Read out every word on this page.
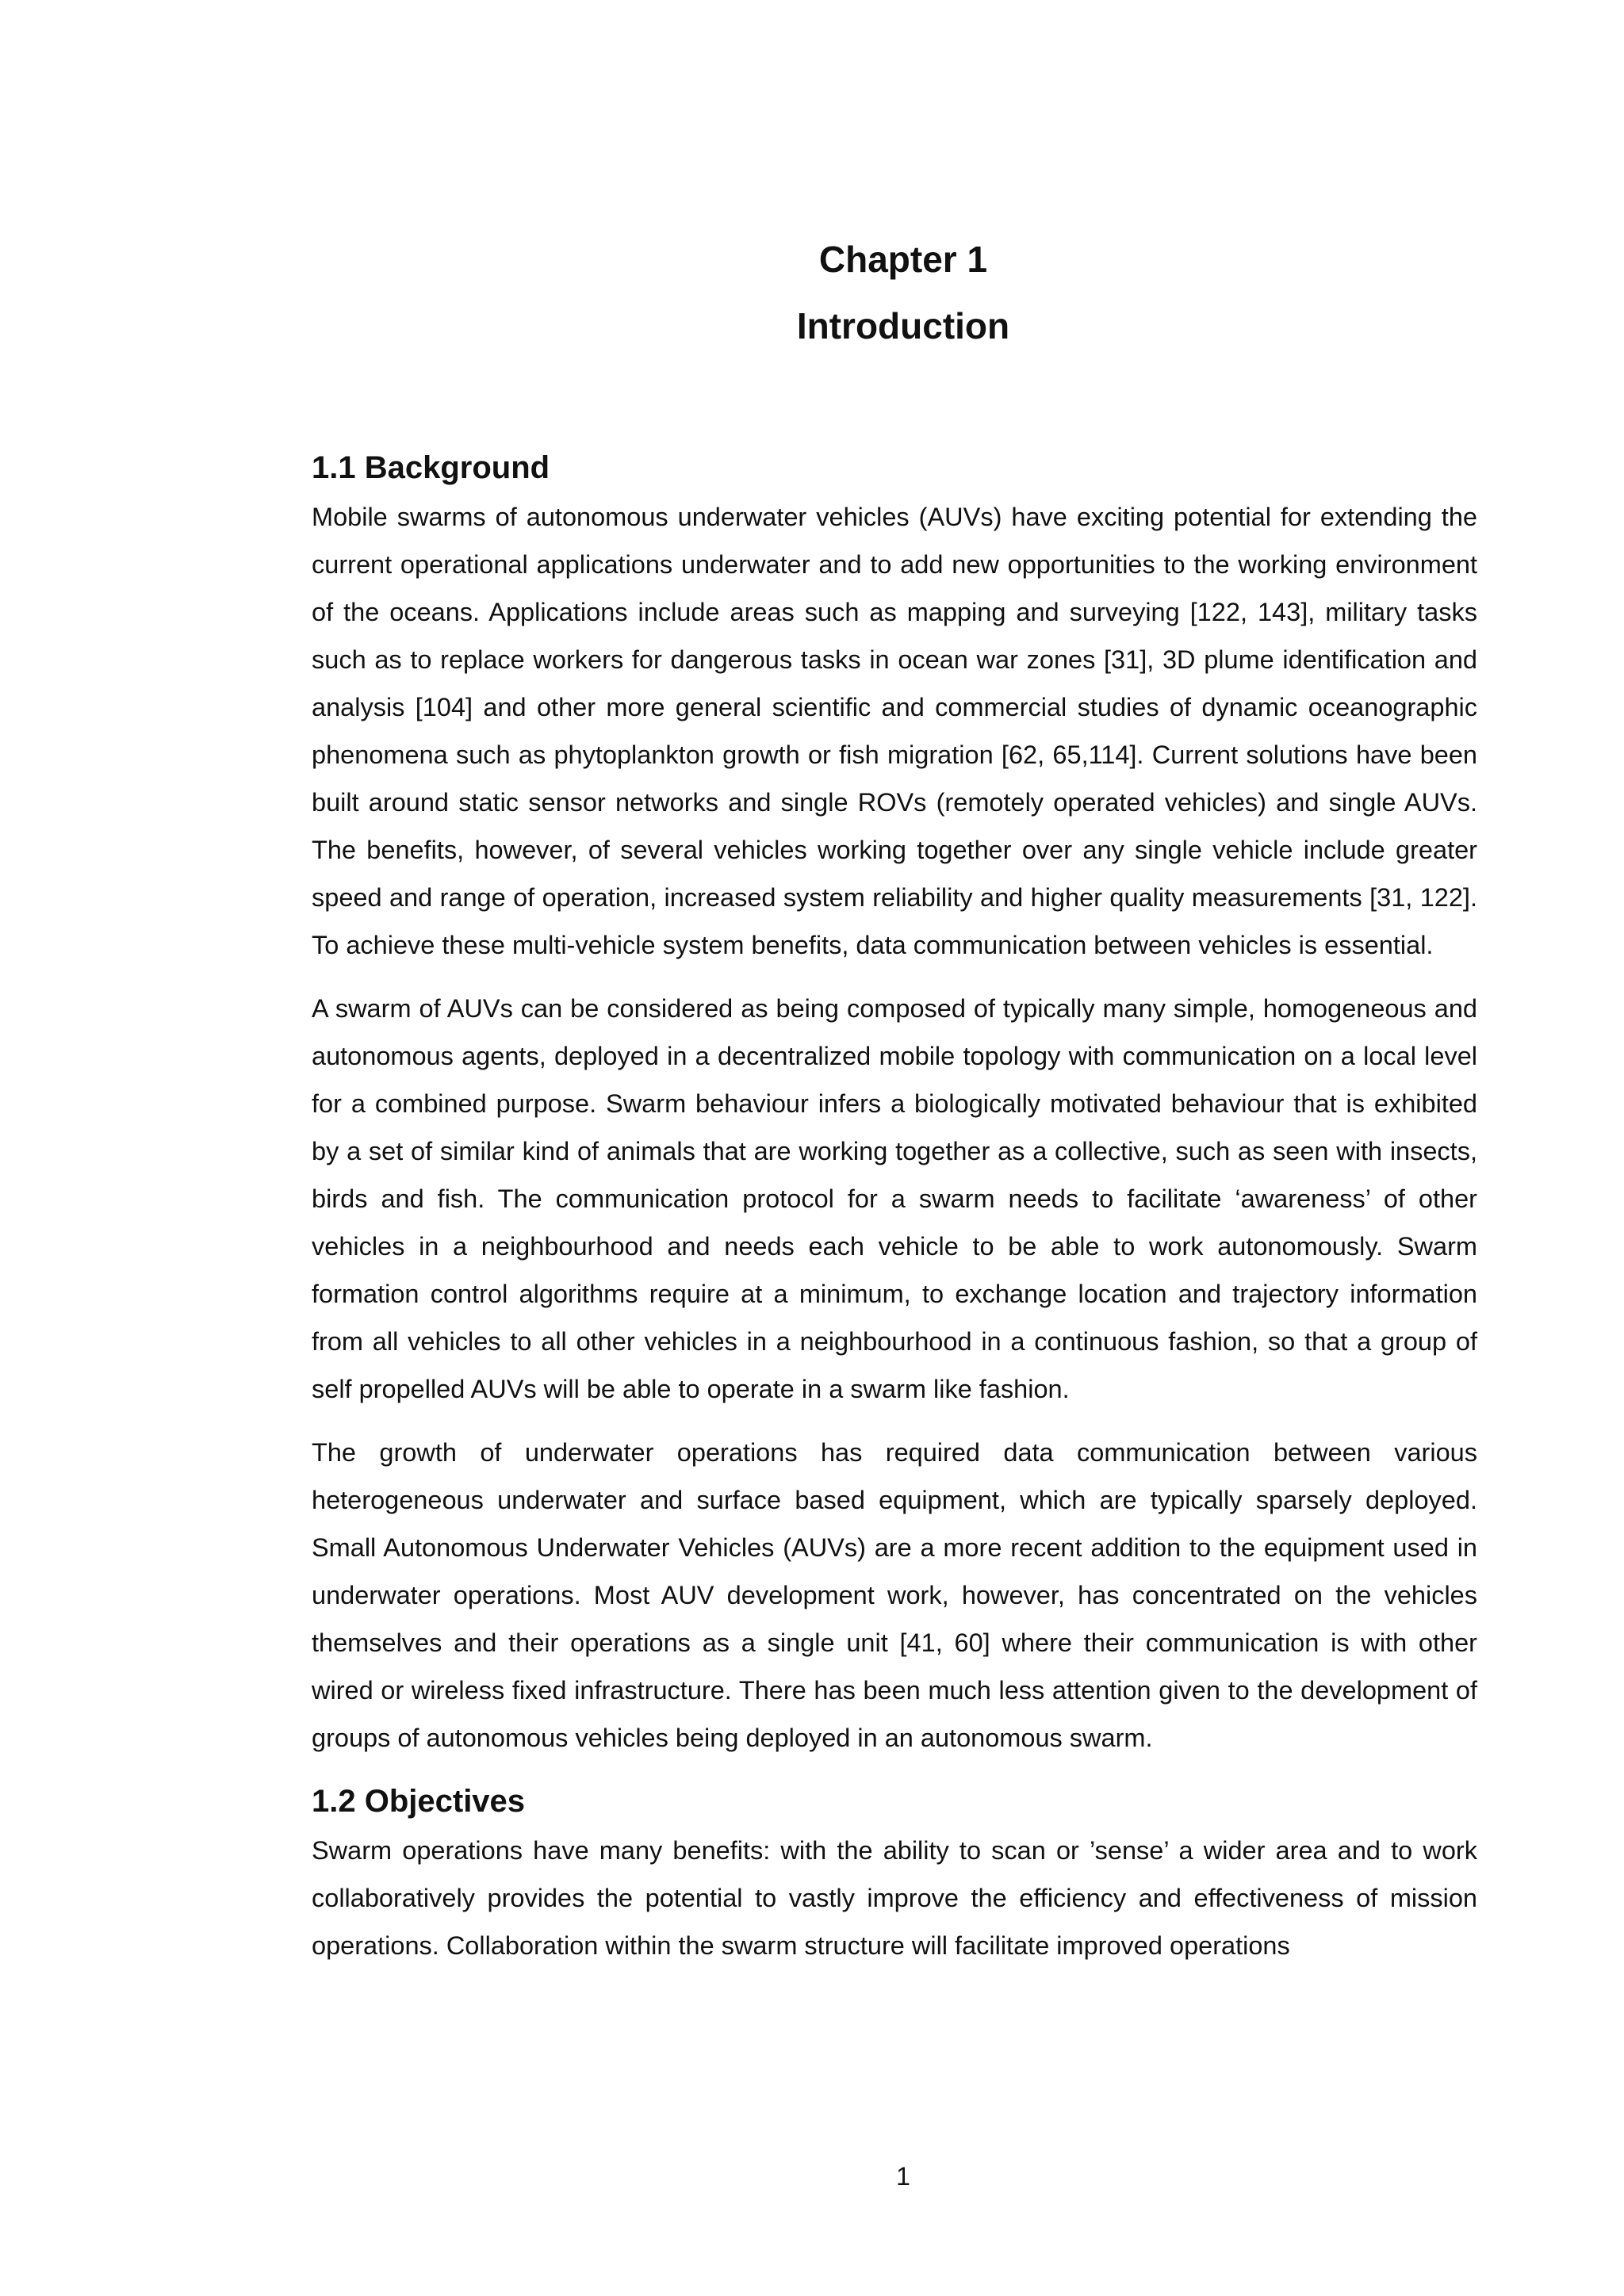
Chapter 1
Introduction
1.1 Background

Mobile swarms of autonomous underwater vehicles (AUVs) have exciting potential for extending the current operational applications underwater and to add new opportunities to the working environment of the oceans. Applications include areas such as mapping and surveying [122, 143], military tasks such as to replace workers for dangerous tasks in ocean war zones [31], 3D plume identification and analysis [104] and other more general scientific and commercial studies of dynamic oceanographic phenomena such as phytoplankton growth or fish migration [62, 65,114]. Current solutions have been built around static sensor networks and single ROVs (remotely operated vehicles) and single AUVs. The benefits, however, of several vehicles working together over any single vehicle include greater speed and range of operation, increased system reliability and higher quality measurements [31, 122]. To achieve these multi-vehicle system benefits, data communication between vehicles is essential.

A swarm of AUVs can be considered as being composed of typically many simple, homogeneous and autonomous agents, deployed in a decentralized mobile topology with communication on a local level for a combined purpose. Swarm behaviour infers a biologically motivated behaviour that is exhibited by a set of similar kind of animals that are working together as a collective, such as seen with insects, birds and fish. The communication protocol for a swarm needs to facilitate ‘awareness’ of other vehicles in a neighbourhood and needs each vehicle to be able to work autonomously. Swarm formation control algorithms require at a minimum, to exchange location and trajectory information from all vehicles to all other vehicles in a neighbourhood in a continuous fashion, so that a group of self propelled AUVs will be able to operate in a swarm like fashion.

The growth of underwater operations has required data communication between various heterogeneous underwater and surface based equipment, which are typically sparsely deployed. Small Autonomous Underwater Vehicles (AUVs) are a more recent addition to the equipment used in underwater operations. Most AUV development work, however, has concentrated on the vehicles themselves and their operations as a single unit [41, 60] where their communication is with other wired or wireless fixed infrastructure. There has been much less attention given to the development of groups of autonomous vehicles being deployed in an autonomous swarm.

1.2 Objectives

Swarm operations have many benefits: with the ability to scan or ’sense’ a wider area and to work collaboratively provides the potential to vastly improve the efficiency and effectiveness of mission operations. Collaboration within the swarm structure will facilitate improved operations

1
